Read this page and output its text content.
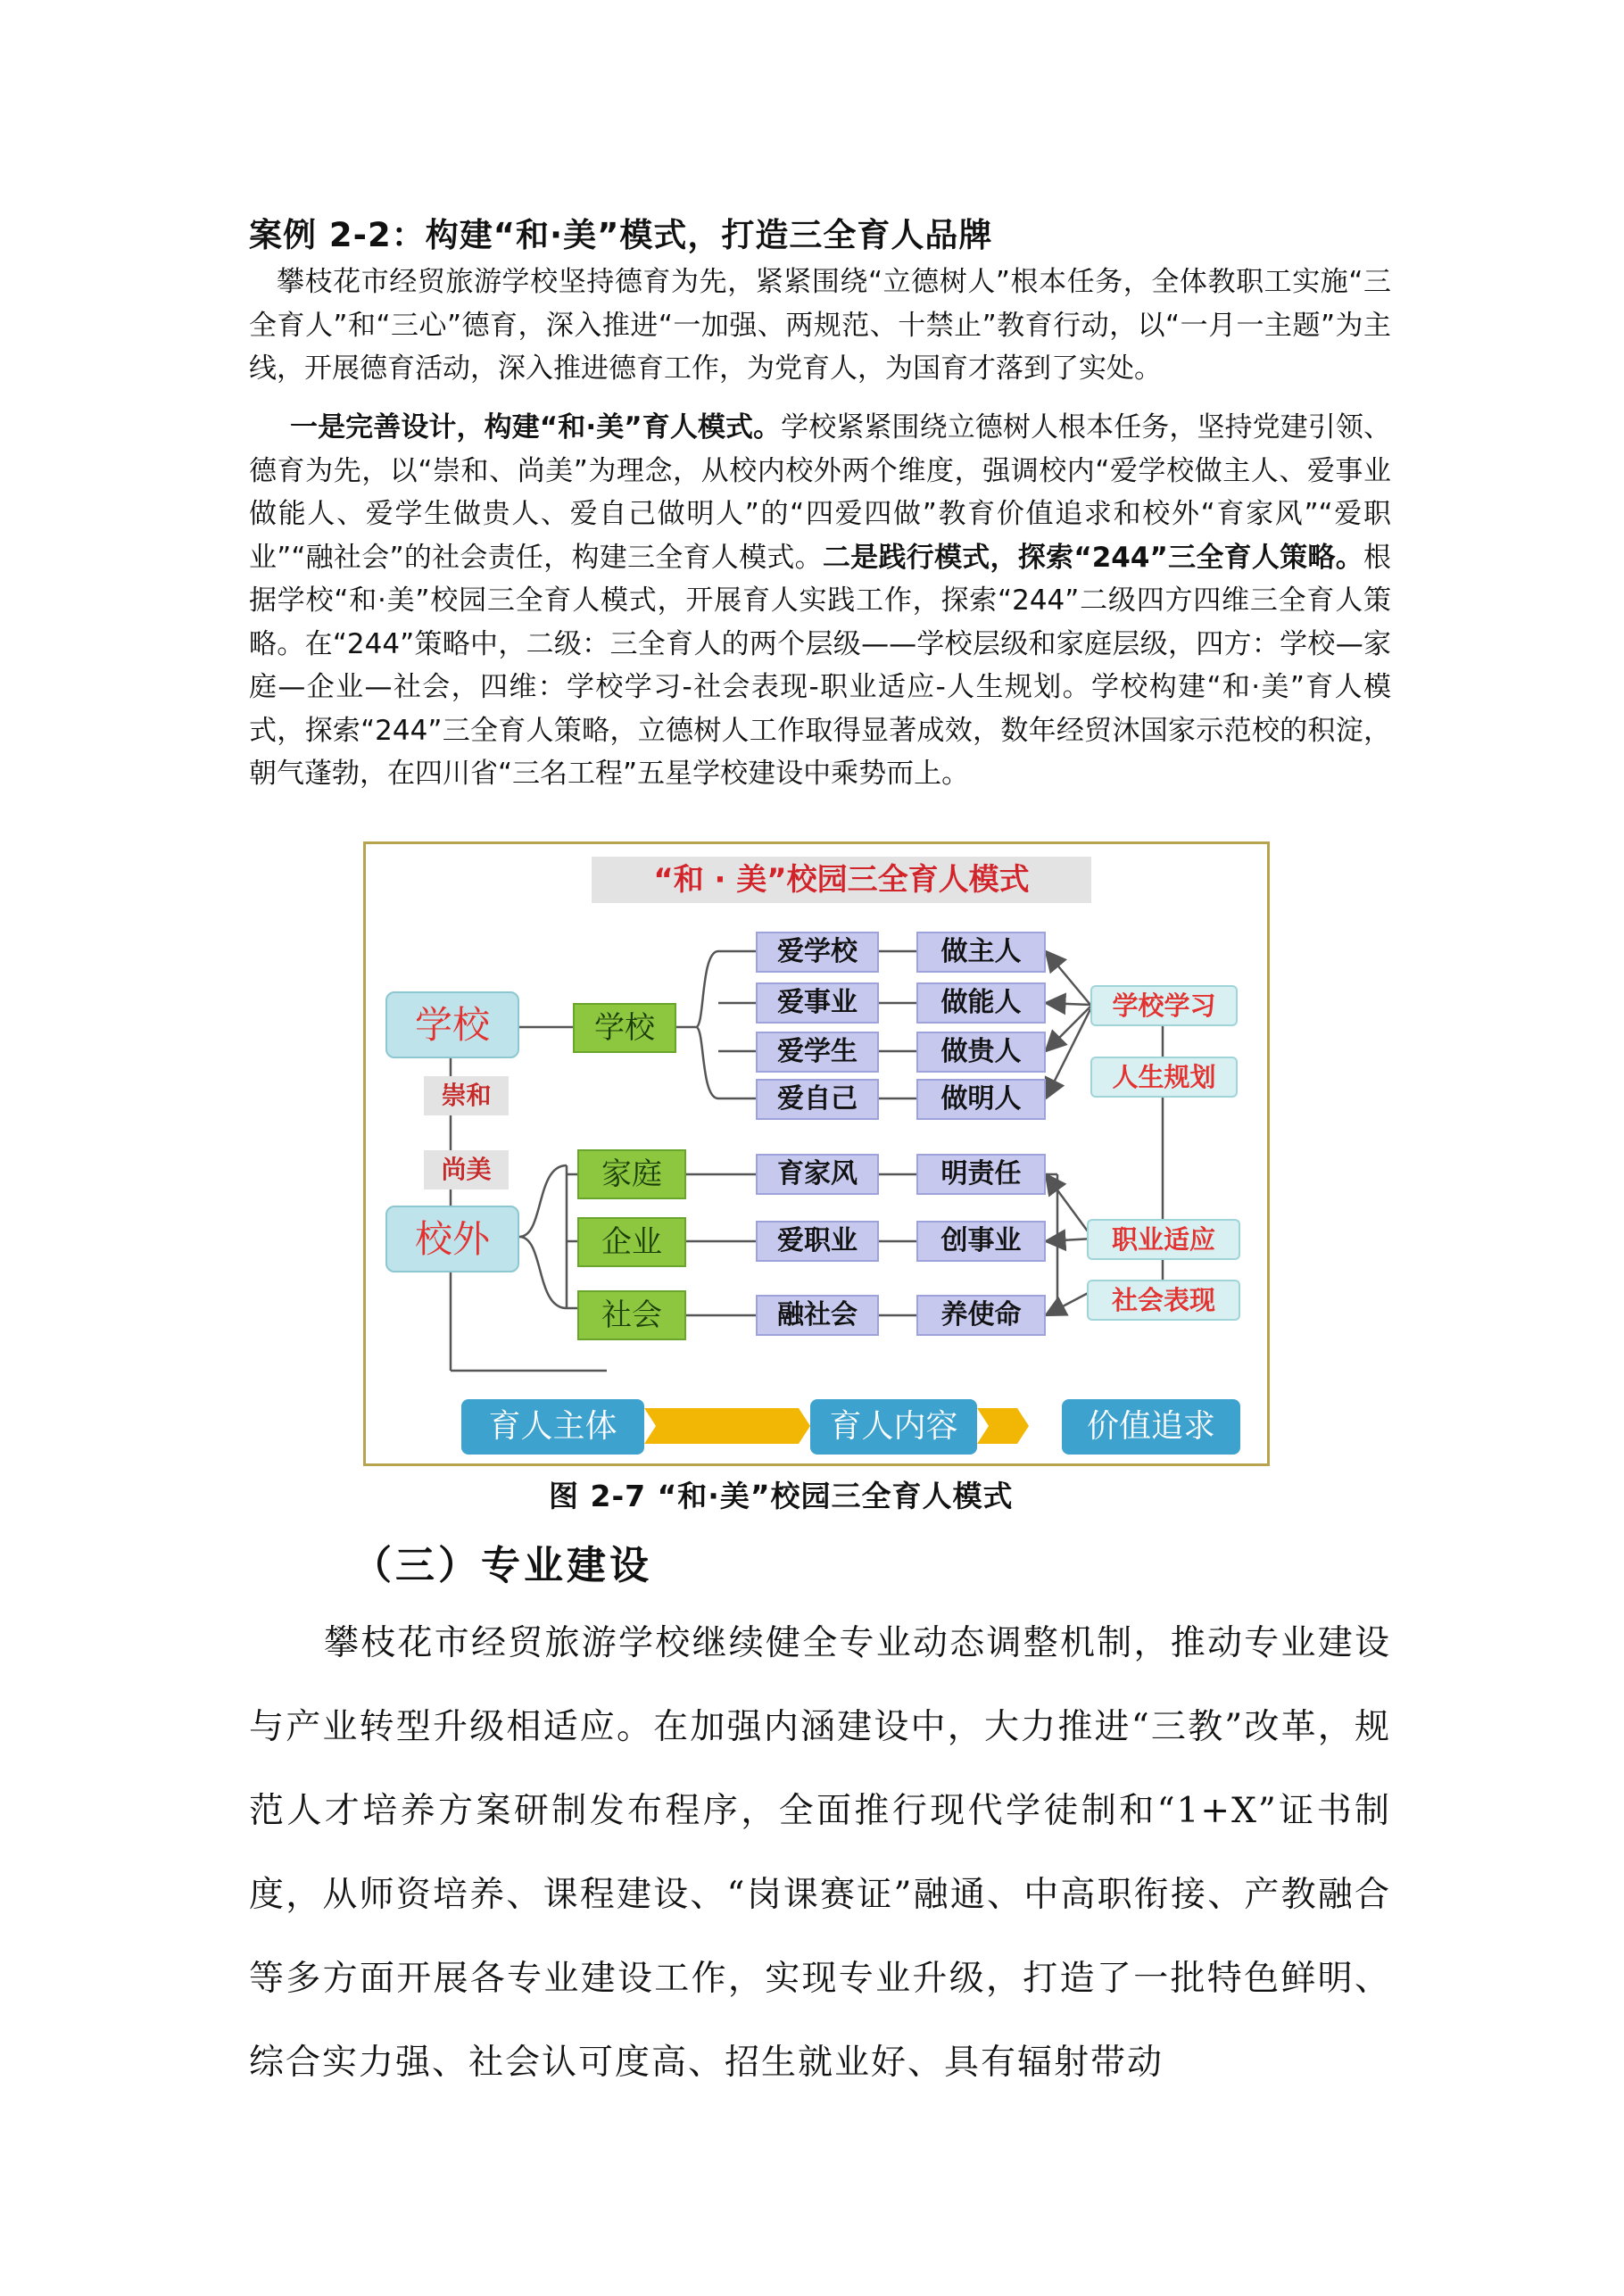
案例 2-2：构建“和·美”模式，打造三全育人品牌
攀枝花市经贸旅游学校坚持德育为先，紧紧围绕“立德树人”根本任务，全体教职工实施“三全育人”和“三心”德育，深入推进“一加强、两规范、十禁止”教育行动，以“一月一主题”为主线，开展德育活动，深入推进德育工作，为党育人，为国育才落到了实处。
一是完善设计，构建“和·美”育人模式。学校紧紧围绕立德树人根本任务，坚持党建引领、德育为先，以“崇和、尚美”为理念，从校内校外两个维度，强调校内“爱学校做主人、爱事业做能人、爱学生做贵人、爱自己做明人”的“四爱四做”教育价值追求和校外“育家风”“爱职业”“融社会”的社会责任，构建三全育人模式。二是践行模式，探索“244”三全育人策略。根据学校“和·美”校园三全育人模式，开展育人实践工作，探索“244”二级四方四维三全育人策略。在“244”策略中，二级：三全育人的两个层级——学校层级和家庭层级，四方：学校—家庭—企业—社会，四维：学校学习-社会表现-职业适应-人生规划。学校构建“和·美”育人模式，探索“244”三全育人策略，立德树人工作取得显著成效，数年经贸沐国家示范校的积淀，朝气蓬勃，在四川省“三名工程”五星学校建设中乘势而上。
“和 · 美”校园三全育人模式
学校
校外
崇和
尚美
学校
家庭
企业
社会
爱学校
爱事业
爱学生
爱自己
做主人
做能人
做贵人
做明人
育家风
爱职业
融社会
明责任
创事业
养使命
学校学习
人生规划
职业适应
社会表现
育人主体	育人内容	价值追求
图 2-7 “和·美”校园三全育人模式
（三）专业建设
攀枝花市经贸旅游学校继续健全专业动态调整机制，推动专业建设与产业转型升级相适应。在加强内涵建设中，大力推进“三教”改革，规范人才培养方案研制发布程序，全面推行现代学徒制和“1+X”证书制度，从师资培养、课程建设、“岗课赛证”融通、中高职衔接、产教融合等多方面开展各专业建设工作，实现专业升级，打造了一批特色鲜明、综合实力强、社会认可度高、招生就业好、具有辐射带动
